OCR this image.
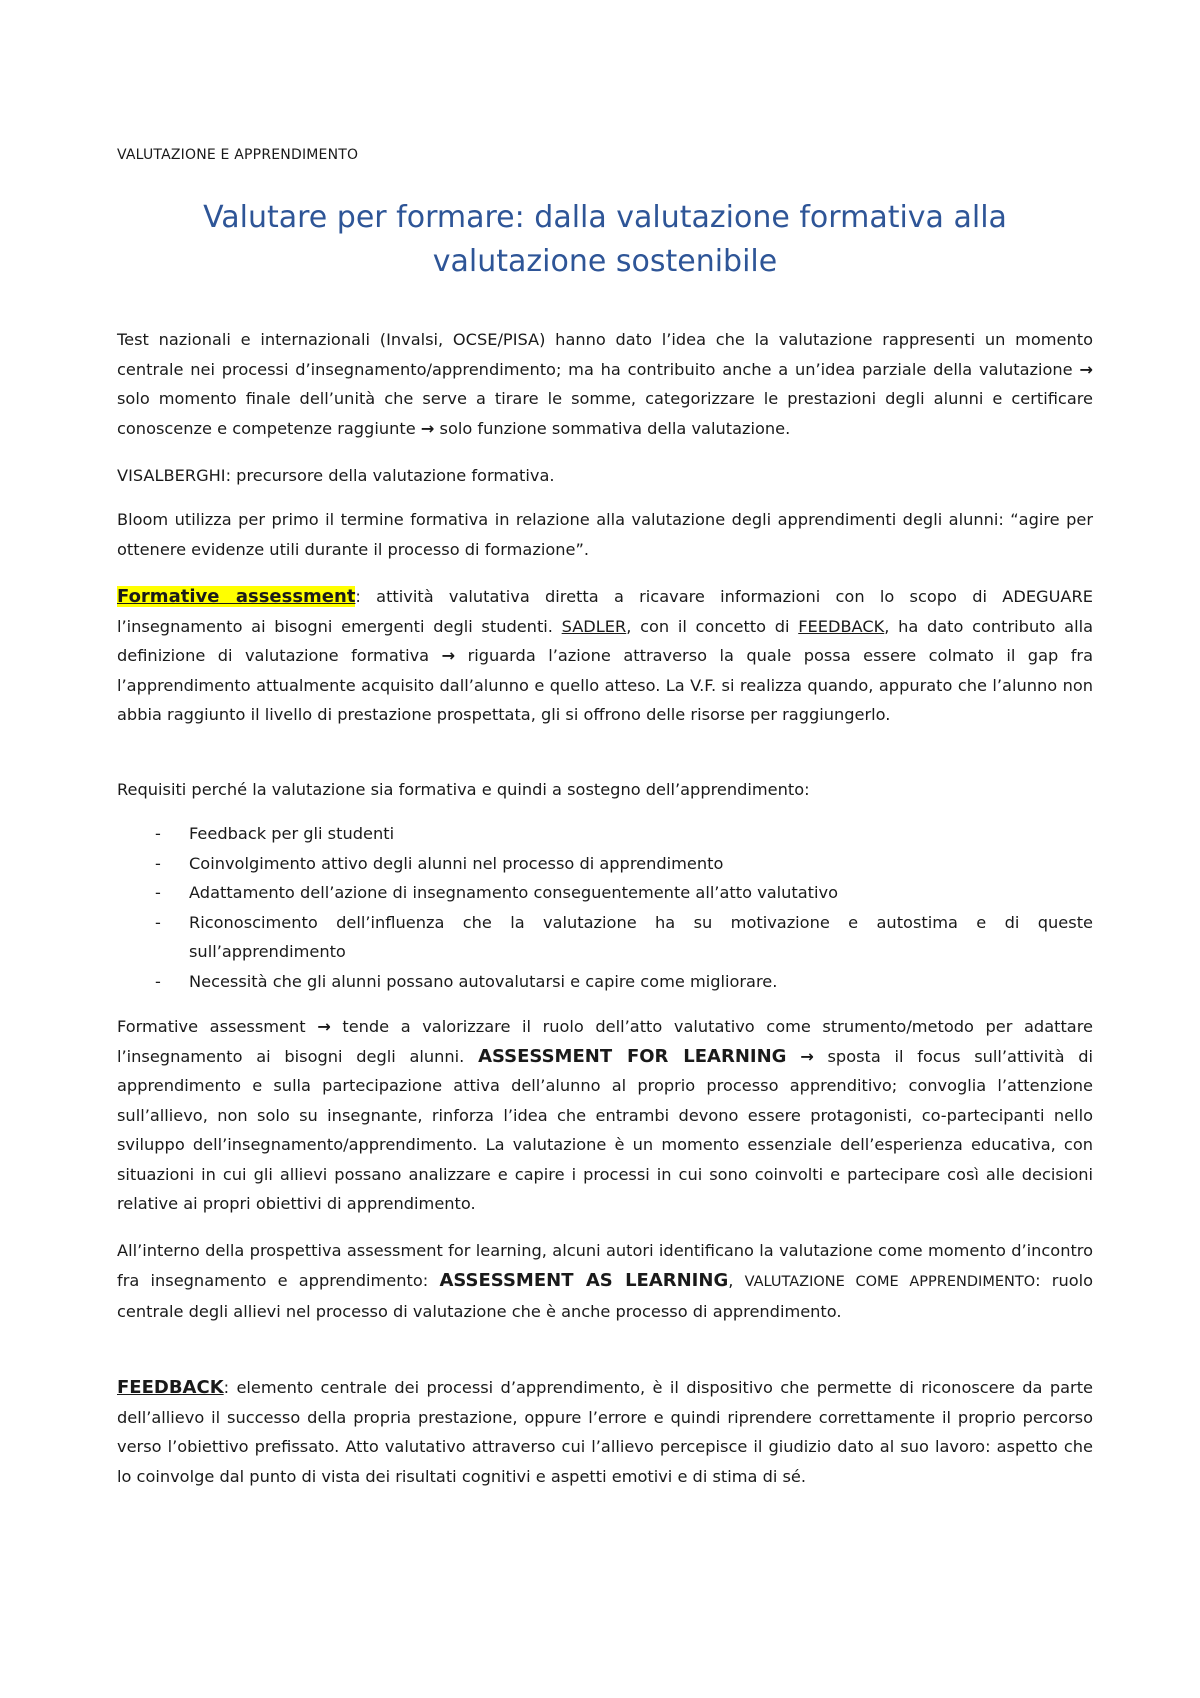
VALUTAZIONE E APPRENDIMENTO
Valutare per formare: dalla valutazione formativa alla valutazione sostenibile

Test nazionali e internazionali (Invalsi, OCSE/PISA) hanno dato l’idea che la valutazione rappresenti un momento centrale nei processi d’insegnamento/apprendimento; ma ha contribuito anche a un’idea parziale della valutazione → solo momento finale dell’unità che serve a tirare le somme, categorizzare le prestazioni degli alunni e certificare conoscenze e competenze raggiunte → solo funzione sommativa della valutazione.

VISALBERGHI: precursore della valutazione formativa.

Bloom utilizza per primo il termine formativa in relazione alla valutazione degli apprendimenti degli alunni: “agire per ottenere evidenze utili durante il processo di formazione”.

Formative assessment: attività valutativa diretta a ricavare informazioni con lo scopo di ADEGUARE l’insegnamento ai bisogni emergenti degli studenti. SADLER, con il concetto di FEEDBACK, ha dato contributo alla definizione di valutazione formativa → riguarda l’azione attraverso la quale possa essere colmato il gap fra l’apprendimento attualmente acquisito dall’alunno e quello atteso. La V.F. si realizza quando, appurato che l’alunno non abbia raggiunto il livello di prestazione prospettata, gli si offrono delle risorse per raggiungerlo.

Requisiti perché la valutazione sia formativa e quindi a sostegno dell’apprendimento:

- Feedback per gli studenti
- Coinvolgimento attivo degli alunni nel processo di apprendimento
- Adattamento dell’azione di insegnamento conseguentemente all’atto valutativo
- Riconoscimento dell’influenza che la valutazione ha su motivazione e autostima e di queste sull’apprendimento
- Necessità che gli alunni possano autovalutarsi e capire come migliorare.

Formative assessment → tende a valorizzare il ruolo dell’atto valutativo come strumento/metodo per adattare l’insegnamento ai bisogni degli alunni. ASSESSMENT FOR LEARNING → sposta il focus sull’attività di apprendimento e sulla partecipazione attiva dell’alunno al proprio processo apprenditivo; convoglia l’attenzione sull’allievo, non solo su insegnante, rinforza l’idea che entrambi devono essere protagonisti, co-partecipanti nello sviluppo dell’insegnamento/apprendimento. La valutazione è un momento essenziale dell’esperienza educativa, con situazioni in cui gli allievi possano analizzare e capire i processi in cui sono coinvolti e partecipare così alle decisioni relative ai propri obiettivi di apprendimento.

All’interno della prospettiva assessment for learning, alcuni autori identificano la valutazione come momento d’incontro fra insegnamento e apprendimento: ASSESSMENT AS LEARNING, VALUTAZIONE COME APPRENDIMENTO: ruolo centrale degli allievi nel processo di valutazione che è anche processo di apprendimento.

FEEDBACK: elemento centrale dei processi d’apprendimento, è il dispositivo che permette di riconoscere da parte dell’allievo il successo della propria prestazione, oppure l’errore e quindi riprendere correttamente il proprio percorso verso l’obiettivo prefissato. Atto valutativo attraverso cui l’allievo percepisce il giudizio dato al suo lavoro: aspetto che lo coinvolge dal punto di vista dei risultati cognitivi e aspetti emotivi e di stima di sé.
